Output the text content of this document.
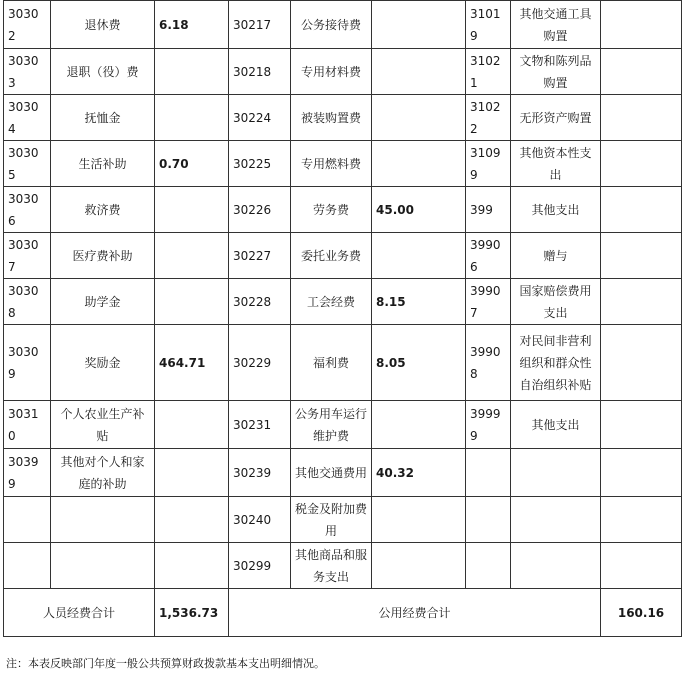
30302	退休费	6.18	30217	公务接待费		31019	其他交通工具购置	
30303	退职（役）费		30218	专用材料费		31021	文物和陈列品购置	
30304	抚恤金		30224	被装购置费		31022	无形资产购置	
30305	生活补助	0.70	30225	专用燃料费		31099	其他资本性支出	
30306	救济费		30226	劳务费	45.00	399	其他支出	
30307	医疗费补助		30227	委托业务费		39906	赠与	
30308	助学金		30228	工会经费	8.15	39907	国家赔偿费用支出	
30309	奖励金	464.71	30229	福利费	8.05	39908	对民间非营利组织和群众性自治组织补贴	
30310	个人农业生产补贴		30231	公务用车运行维护费		39999	其他支出	
30399	其他对个人和家庭的补助		30239	其他交通费用	40.32			
			30240	税金及附加费用				
			30299	其他商品和服务支出				
人员经费合计		1,536.73	公用经费合计					160.16
注：本表反映部门年度一般公共预算财政拨款基本支出明细情况。
